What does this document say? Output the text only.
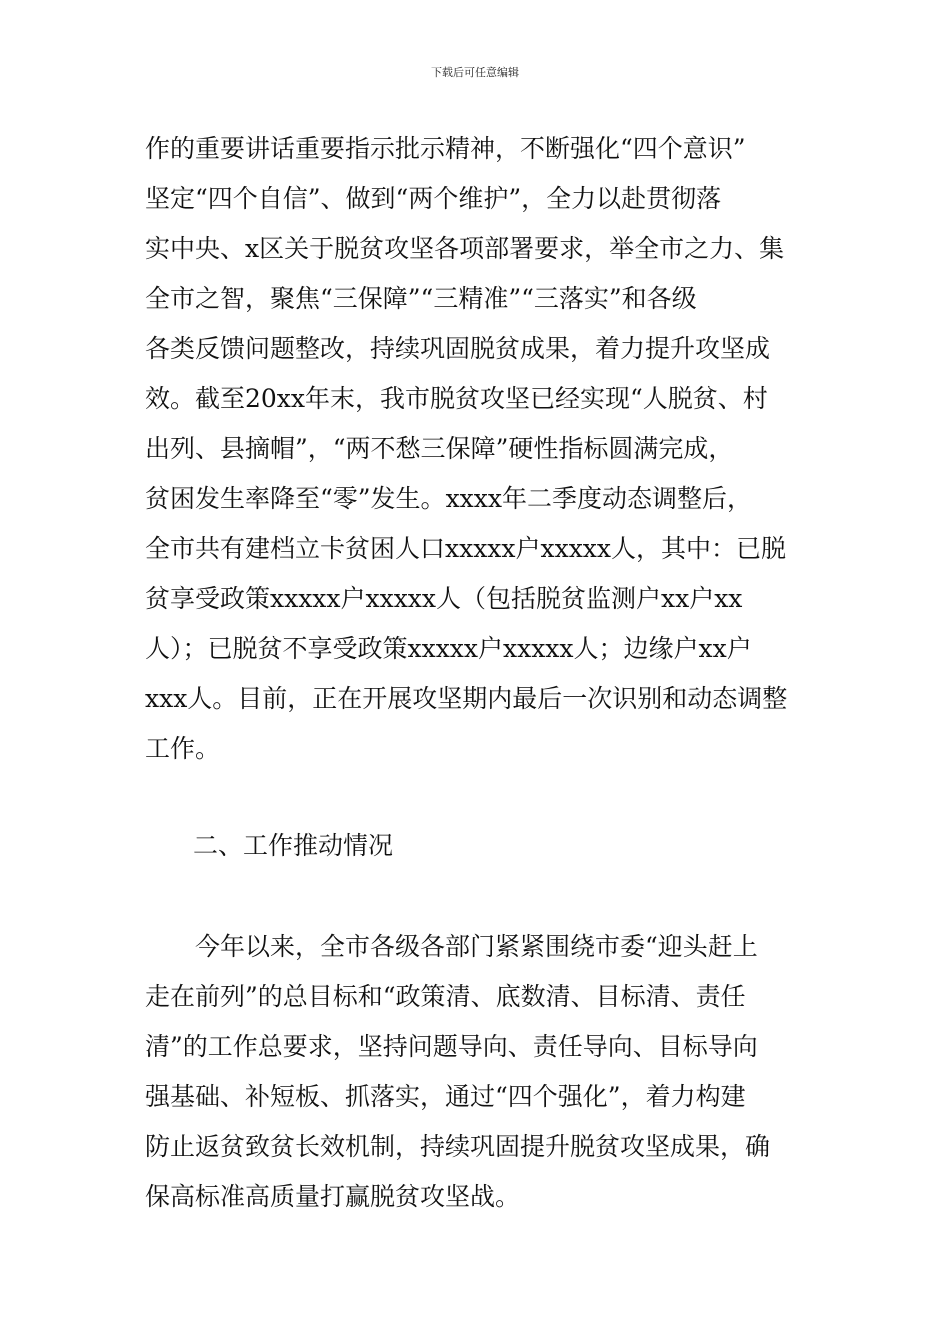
下载后可任意编辑
作的重要讲话重要指示批示精神，不断强化“四个意识”
坚定“四个自信”、做到“两个维护”，全力以赴贯彻落
实中央、x区关于脱贫攻坚各项部署要求，举全市之力、集
全市之智，聚焦“三保障”“三精准”“三落实”和各级
各类反馈问题整改，持续巩固脱贫成果，着力提升攻坚成
效。截至20xx年末，我市脱贫攻坚已经实现“人脱贫、村
出列、县摘帽”，“两不愁三保障”硬性指标圆满完成，
贫困发生率降至“零”发生。xxxx年二季度动态调整后，
全市共有建档立卡贫困人口xxxxx户xxxxx人，其中：已脱
贫享受政策xxxxx户xxxxx人（包括脱贫监测户xx户xx
人）；已脱贫不享受政策xxxxx户xxxxx人；边缘户xx户
xxx人。目前，正在开展攻坚期内最后一次识别和动态调整
工作。
二、工作推动情况
　　今年以来，全市各级各部门紧紧围绕市委“迎头赶上
走在前列”的总目标和“政策清、底数清、目标清、责任
清”的工作总要求，坚持问题导向、责任导向、目标导向
强基础、补短板、抓落实，通过“四个强化”，着力构建
防止返贫致贫长效机制，持续巩固提升脱贫攻坚成果，确
保高标准高质量打赢脱贫攻坚战。
